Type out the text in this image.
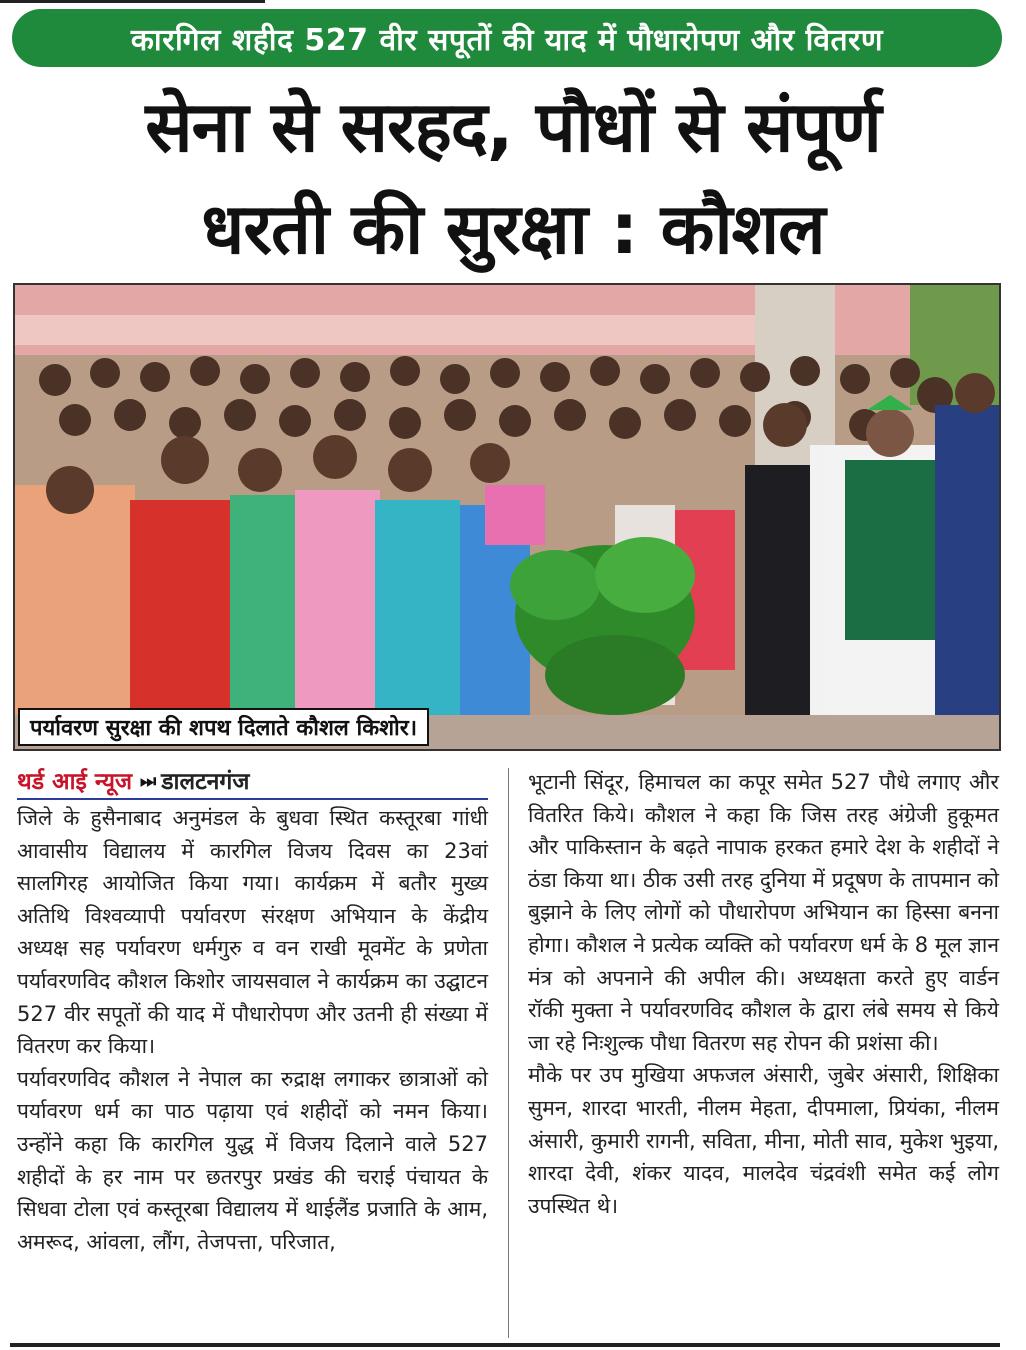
कारगिल शहीद 527 वीर सपूतों की याद में पौधारोपण और वितरण
सेना से सरहद, पौधों से संपूर्ण
धरती की सुरक्षा : कौशल
पर्यावरण सुरक्षा की शपथ दिलाते कौशल किशोर।
थर्ड आई न्यूज ⏭ डालटनगंज

जिले के हुसैनाबाद अनुमंडल के बुधवा स्थित कस्तूरबा गांधी आवासीय विद्यालय में कारगिल विजय दिवस का 23वां सालगिरह आयोजित किया गया। कार्यक्रम में बतौर मुख्य अतिथि विश्वव्यापी पर्यावरण संरक्षण अभियान के केंद्रीय अध्यक्ष सह पर्यावरण धर्मगुरु व वन राखी मूवमेंट के प्रणेता पर्यावरणविद कौशल किशोर जायसवाल ने कार्यक्रम का उद्घाटन 527 वीर सपूतों की याद में पौधारोपण और उतनी ही संख्या में वितरण कर किया।

पर्यावरणविद कौशल ने नेपाल का रुद्राक्ष लगाकर छात्राओं को पर्यावरण धर्म का पाठ पढ़ाया एवं शहीदों को नमन किया। उन्होंने कहा कि कारगिल युद्ध में विजय दिलाने वाले 527 शहीदों के हर नाम पर छतरपुर प्रखंड की चराई पंचायत के सिधवा टोला एवं कस्तूरबा विद्यालय में थाईलैंड प्रजाति के आम, अमरूद, आंवला, लौंग, तेजपत्ता, परिजात,

भूटानी सिंदूर, हिमाचल का कपूर समेत 527 पौधे लगाए और वितरित किये। कौशल ने कहा कि जिस तरह अंग्रेजी हुकूमत और पाकिस्तान के बढ़ते नापाक हरकत हमारे देश के शहीदों ने ठंडा किया था। ठीक उसी तरह दुनिया में प्रदूषण के तापमान को बुझाने के लिए लोगों को पौधारोपण अभियान का हिस्सा बनना होगा। कौशल ने प्रत्येक व्यक्ति को पर्यावरण धर्म के 8 मूल ज्ञान मंत्र को अपनाने की अपील की। अध्यक्षता करते हुए वार्डन रॉकी मुक्ता ने पर्यावरणविद कौशल के द्वारा लंबे समय से किये जा रहे निःशुल्क पौधा वितरण सह रोपन की प्रशंसा की।

मौके पर उप मुखिया अफजल अंसारी, जुबेर अंसारी, शिक्षिका सुमन, शारदा भारती, नीलम मेहता, दीपमाला, प्रियंका, नीलम अंसारी, कुमारी रागनी, सविता, मीना, मोती साव, मुकेश भुइया, शारदा देवी, शंकर यादव, मालदेव चंद्रवंशी समेत कई लोग उपस्थित थे।
